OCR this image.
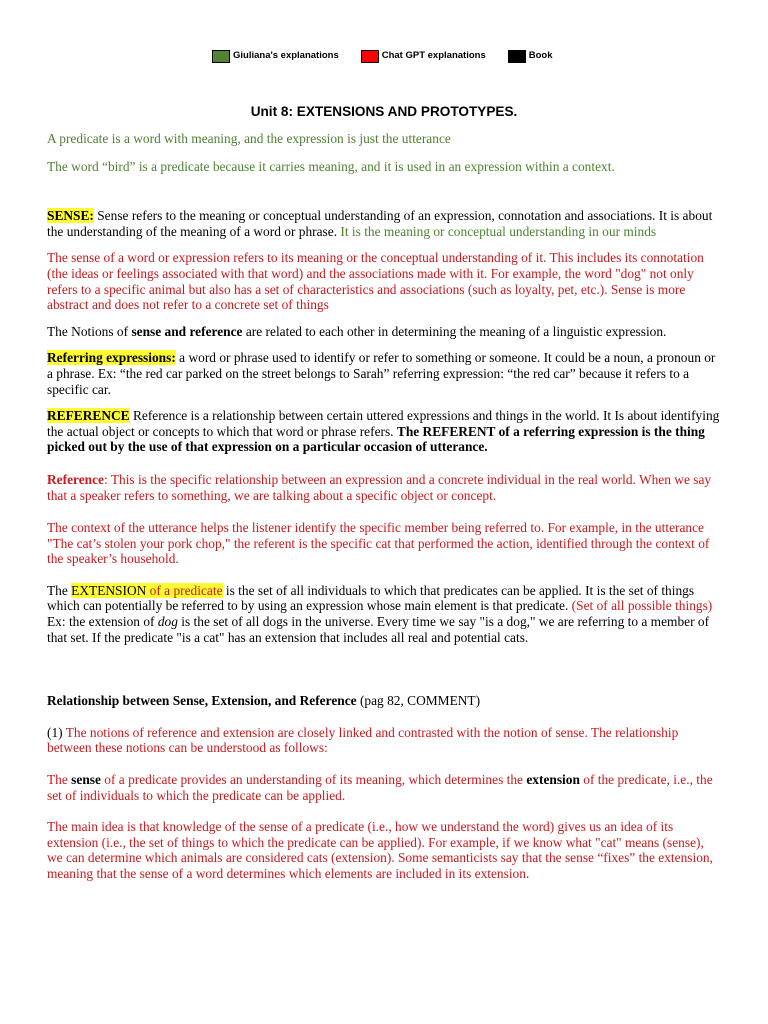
Giuliana's explanations	Chat GPT explanations	Book
Unit 8: EXTENSIONS AND PROTOTYPES.

A predicate is a word with meaning, and the expression is just the utterance

The word “bird” is a predicate because it carries meaning, and it is used in an expression within a context.

SENSE: Sense refers to the meaning or conceptual understanding of an expression, connotation and associations. It is about the understanding of the meaning of a word or phrase. It is the meaning or conceptual understanding in our minds

The sense of a word or expression refers to its meaning or the conceptual understanding of it. This includes its connotation (the ideas or feelings associated with that word) and the associations made with it. For example, the word "dog" not only refers to a specific animal but also has a set of characteristics and associations (such as loyalty, pet, etc.). Sense is more abstract and does not refer to a concrete set of things

The Notions of sense and reference are related to each other in determining the meaning of a linguistic expression.

Referring expressions: a word or phrase used to identify or refer to something or someone. It could be a noun, a pronoun or a phrase. Ex: “the red car parked on the street belongs to Sarah” referring expression: “the red car” because it refers to a specific car.

REFERENCE Reference is a relationship between certain uttered expressions and things in the world. It Is about identifying the actual object or concepts to which that word or phrase refers. The REFERENT of a referring expression is the thing picked out by the use of that expression on a particular occasion of utterance.

Reference: This is the specific relationship between an expression and a concrete individual in the real world. When we say that a speaker refers to something, we are talking about a specific object or concept.

The context of the utterance helps the listener identify the specific member being referred to. For example, in the utterance "The cat’s stolen your pork chop," the referent is the specific cat that performed the action, identified through the context of the speaker’s household.

The EXTENSION of a predicate is the set of all individuals to which that predicates can be applied. It is the set of things which can potentially be referred to by using an expression whose main element is that predicate. (Set of all possible things) Ex: the extension of dog is the set of all dogs in the universe. Every time we say "is a dog," we are referring to a member of that set. If the predicate "is a cat" has an extension that includes all real and potential cats.

Relationship between Sense, Extension, and Reference (pag 82, COMMENT)

(1) The notions of reference and extension are closely linked and contrasted with the notion of sense. The relationship between these notions can be understood as follows:

The sense of a predicate provides an understanding of its meaning, which determines the extension of the predicate, i.e., the set of individuals to which the predicate can be applied.

The main idea is that knowledge of the sense of a predicate (i.e., how we understand the word) gives us an idea of its extension (i.e., the set of things to which the predicate can be applied). For example, if we know what "cat" means (sense), we can determine which animals are considered cats (extension). Some semanticists say that the sense “fixes” the extension, meaning that the sense of a word determines which elements are included in its extension.
